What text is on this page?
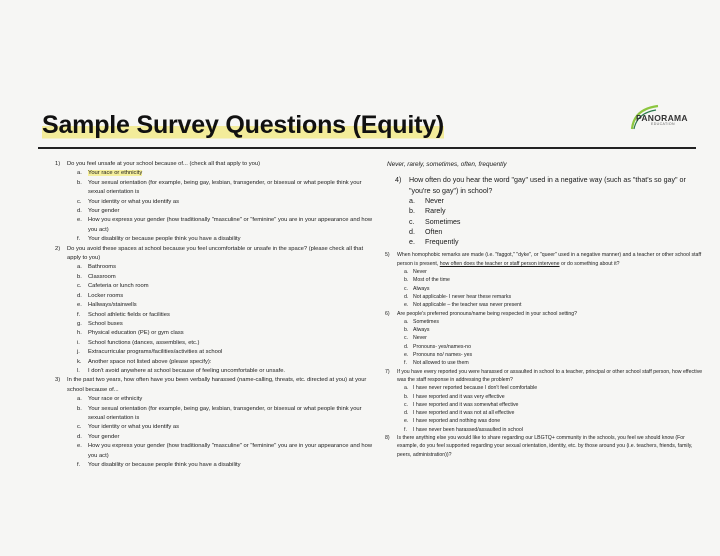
Sample Survey Questions (Equity)	PANORAMA
EDUCATION
1) Do you feel unsafe at your school because of... (check all that apply to you)
a. Your race or ethnicity
b. Your sexual orientation (for example, being gay, lesbian, transgender, or bisexual or what people think your sexual orientation is
c. Your identity or what you identify as
d. Your gender
e. How you express your gender (how traditionally "masculine" or "feminine" you are in your appearance and how you act)
f. Your disability or because people think you have a disability
2) Do you avoid these spaces at school because you feel uncomfortable or unsafe in the space? (please check all that apply to you)
a. Bathrooms
b. Classroom
c. Cafeteria or lunch room
d. Locker rooms
e. Hallways/stairwells
f. School athletic fields or facilities
g. School buses
h. Physical education (PE) or gym class
i. School functions (dances, assemblies, etc.)
j. Extracurricular programs/facilities/activities at school
k. Another space not listed above (please specify):
l. I don't avoid anywhere at school because of feeling uncomfortable or unsafe.
3) In the past two years, how often have you been verbally harassed (name-calling, threats, etc. directed at you) at your school because of...
a. Your race or ethnicity
b. Your sexual orientation (for example, being gay, lesbian, transgender, or bisexual or what people think your sexual orientation is
c. Your identity or what you identify as
d. Your gender
e. How you express your gender (how traditionally "masculine" or "feminine" you are in your appearance and how you act)
f. Your disability or because people think you have a disability
Never, rarely, sometimes, often, frequently
4) How often do you hear the word "gay" used in a negative way (such as "that's so gay" or "you're so gay") in school?
a. Never
b. Rarely
c. Sometimes
d. Often
e. Frequently
5) When homophobic remarks are made (i.e. "faggot," "dyke", or "queer" used in a negative manner) and a teacher or other school staff person is present, how often does the teacher or staff person intervene or do something about it?
a. Never
b. Most of the time
c. Always
d. Not applicable- I never hear these remarks
e. Not applicable – the teacher was never present
6) Are people's preferred pronouns/name being respected in your school setting?
a. Sometimes
b. Always
c. Never
d. Pronouns- yes/names-no
e. Pronouns no/ names- yes
f. Not allowed to use them
7) If you have every reported you were harassed or assaulted in school to a teacher, principal or other school staff person, how effective was the staff response in addressing the problem?
a. I have never reported because I don't feel comfortable
b. I have reported and it was very effective
c. I have reported and it was somewhat effective
d. I have reported and it was not at all effective
e. I have reported and nothing was done
f. I have never been harassed/assaulted in school
8) Is there anything else you would like to share regarding our LBGTQ+ community in the schools, you feel we should know (For example, do you feel supported regarding your sexual orientation, identity, etc. by those around you (i.e. teachers, friends, family, peers, administration))?
